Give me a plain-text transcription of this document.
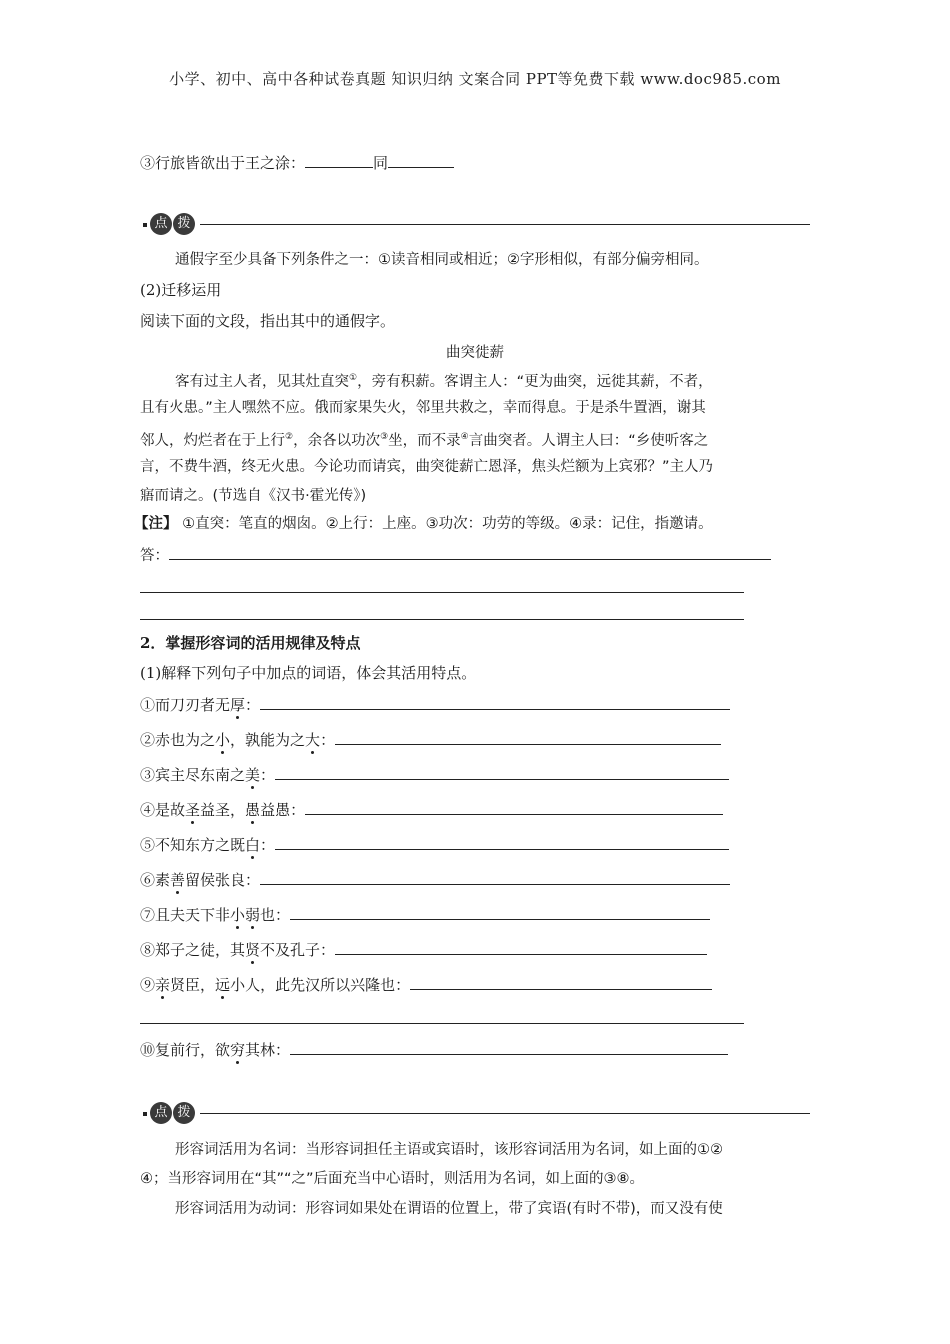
小学、初中、高中各种试卷真题 知识归纳 文案合同 PPT等免费下载 www.doc985.com
③行旅皆欲出于王之涂：	同
点 拨
通假字至少具备下列条件之一：①读音相同或相近；②字形相似，有部分偏旁相同。
(2)迁移运用
阅读下面的文段，指出其中的通假字。
曲突徙薪
客有过主人者，见其灶直突①，旁有积薪。客谓主人：“更为曲突，远徙其薪，不者，
且有火患。”主人嘿然不应。俄而家果失火，邻里共救之，幸而得息。于是杀牛置酒，谢其
邻人，灼烂者在于上行②，余各以功次③坐，而不录④言曲突者。人谓主人曰：“乡使听客之
言，不费牛酒，终无火患。今论功而请宾，曲突徙薪亡恩泽，焦头烂额为上宾邪？”主人乃
寤而请之。(节选自《汉书·霍光传》)
【注】 ①直突：笔直的烟囱。②上行：上座。③功次：功劳的等级。④录：记住，指邀请。
答：
2．掌握形容词的活用规律及特点
(1)解释下列句子中加点的词语，体会其活用特点。
①而刀刃者无厚：
②赤也为之小，孰能为之大：
③宾主尽东南之美：
④是故圣益圣，愚益愚：
⑤不知东方之既白：
⑥素善留侯张良：
⑦且夫天下非小弱也：
⑧郑子之徒，其贤不及孔子：
⑨亲贤臣，远小人，此先汉所以兴隆也：
⑩复前行，欲穷其林：
点 拨
形容词活用为名词：当形容词担任主语或宾语时，该形容词活用为名词，如上面的①②
④；当形容词用在“其”“之”后面充当中心语时，则活用为名词，如上面的③⑧。
形容词活用为动词：形容词如果处在谓语的位置上，带了宾语(有时不带)，而又没有使
